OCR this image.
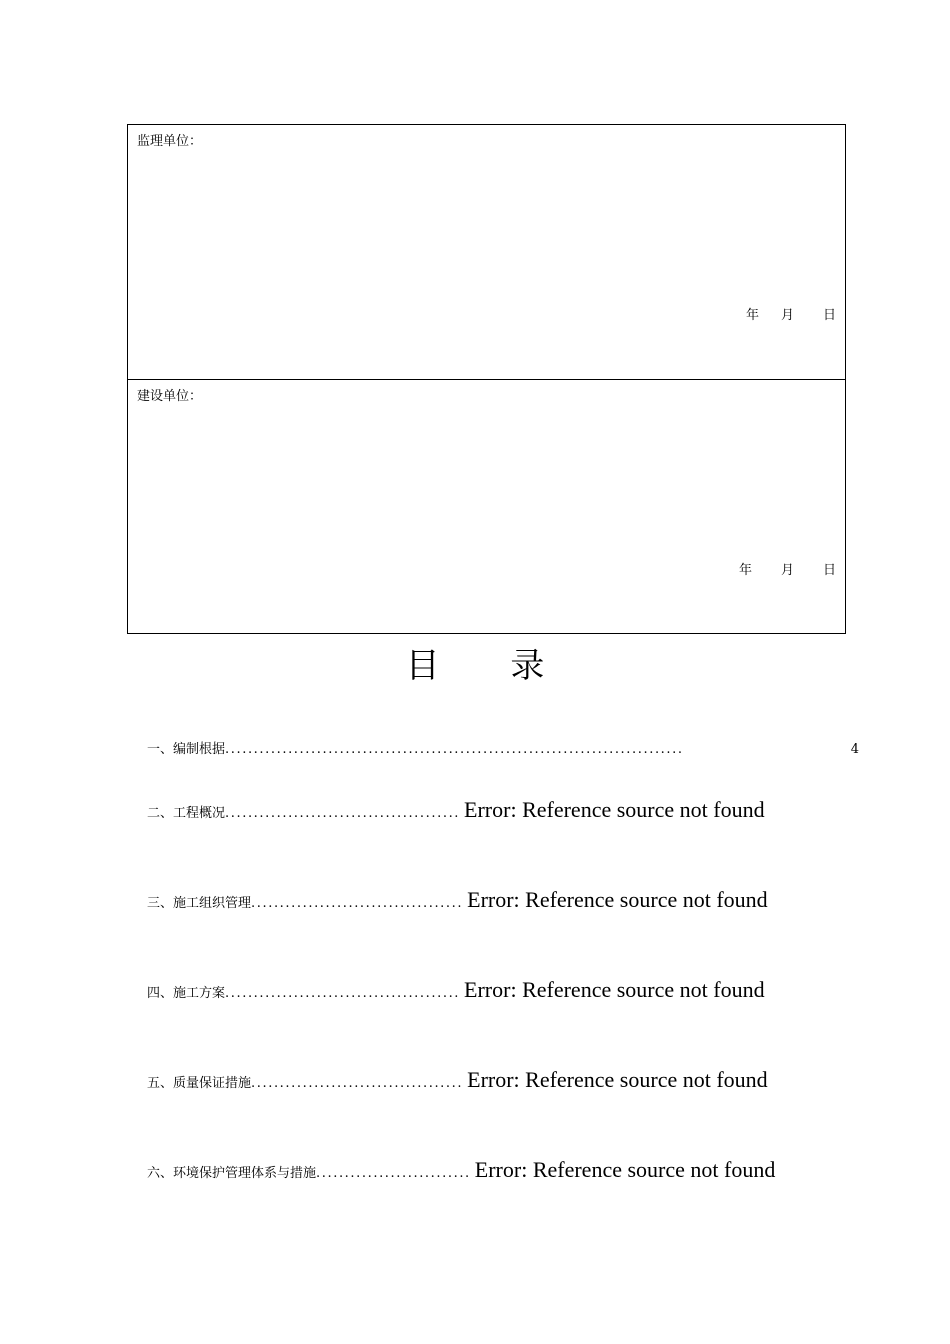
监理单位：
年 月 日
建设单位：
年 月 日
目 录
一、编制根据 ................................................................................	4
二、工程概况 ......................................... Error: Reference source not found
三、施工组织管理 ..................................... Error: Reference source not found
四、施工方案 ......................................... Error: Reference source not found
五、质量保证措施 ..................................... Error: Reference source not found
六、环境保护管理体系与措施 ........................... Error: Reference source not found
